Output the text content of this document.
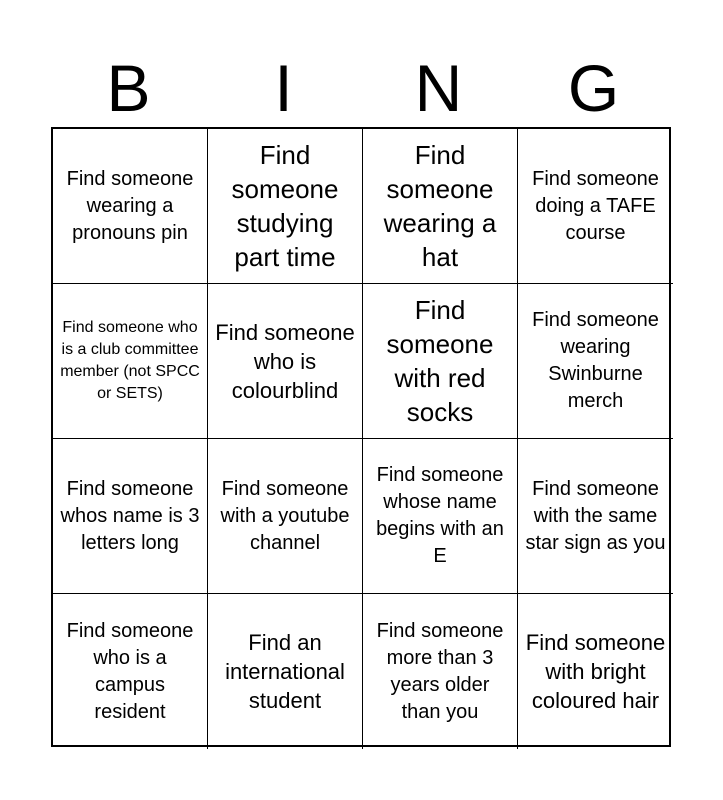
B	I	N	G
Find someone wearing a pronouns pin
Find someone studying part time
Find someone wearing a hat
Find someone doing a TAFE course
Find someone who is a club committee member (not SPCC or SETS)
Find someone who is colourblind
Find someone with red socks
Find someone wearing Swinburne merch
Find someone whos name is 3 letters long
Find someone with a youtube channel
Find someone whose name begins with an E
Find someone with the same star sign as you
Find someone who is a campus resident
Find an international student
Find someone more than 3 years older than you
Find someone with bright coloured hair
